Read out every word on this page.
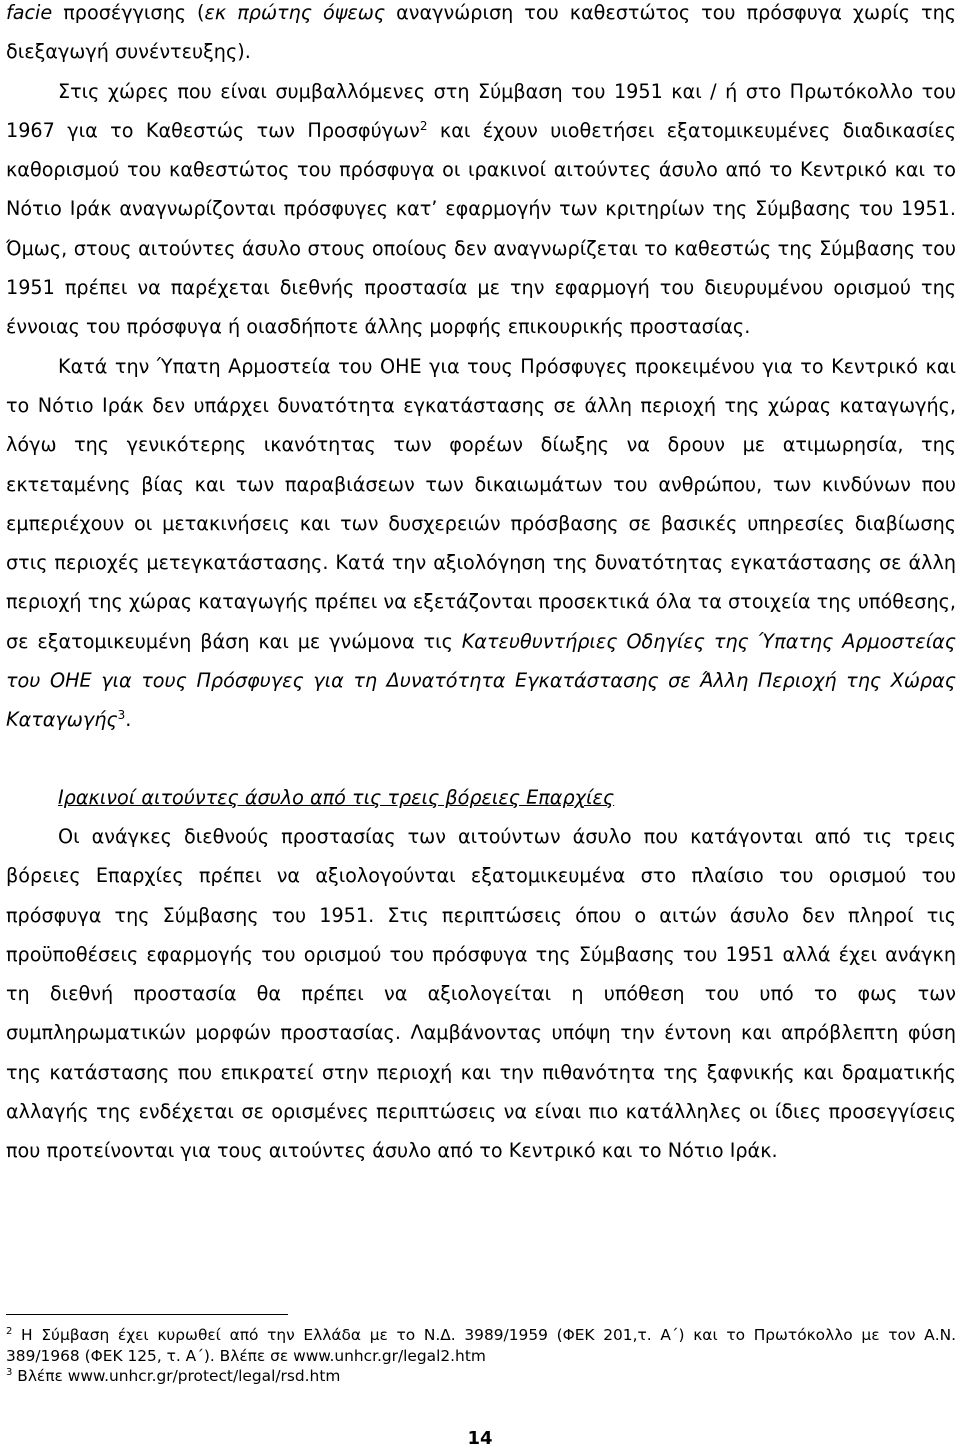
facie προσέγγισης (εκ πρώτης όψεως αναγνώριση του καθεστώτος του πρόσφυγα χωρίς της διεξαγωγή συνέντευξης).

Στις χώρες που είναι συμβαλλόμενες στη Σύμβαση του 1951 και / ή στο Πρωτόκολλο του 1967 για το Καθεστώς των Προσφύγων$^2$ και έχουν υιοθετήσει εξατομικευμένες διαδικασίες καθορισμού του καθεστώτος του πρόσφυγα οι ιρακινοί αιτούντες άσυλο από το Κεντρικό και το Νότιο Ιράκ αναγνωρίζονται πρόσφυγες κατ’ εφαρμογήν των κριτηρίων της Σύμβασης του 1951. Όμως, στους αιτούντες άσυλο στους οποίους δεν αναγνωρίζεται το καθεστώς της Σύμβασης του 1951 πρέπει να παρέχεται διεθνής προστασία με την εφαρμογή του διευρυμένου ορισμού της έννοιας του πρόσφυγα ή οιασδήποτε άλλης μορφής επικουρικής προστασίας.

Κατά την Ύπατη Αρμοστεία του ΟΗΕ για τους Πρόσφυγες προκειμένου για το Κεντρικό και το Νότιο Ιράκ δεν υπάρχει δυνατότητα εγκατάστασης σε άλλη περιοχή της χώρας καταγωγής, λόγω της γενικότερης ικανότητας των φορέων δίωξης να δρουν με ατιμωρησία, της εκτεταμένης βίας και των παραβιάσεων των δικαιωμάτων του ανθρώπου, των κινδύνων που εμπεριέχουν οι μετακινήσεις και των δυσχερειών πρόσβασης σε βασικές υπηρεσίες διαβίωσης στις περιοχές μετεγκατάστασης. Κατά την αξιολόγηση της δυνατότητας εγκατάστασης σε άλλη περιοχή της χώρας καταγωγής πρέπει να εξετάζονται προσεκτικά όλα τα στοιχεία της υπόθεσης, σε εξατομικευμένη βάση και με γνώμονα τις Κατευθυντήριες Οδηγίες της Ύπατης Αρμοστείας του ΟΗΕ για τους Πρόσφυγες για τη Δυνατότητα Εγκατάστασης σε Άλλη Περιοχή της Χώρας Καταγωγής$^3$.

Ιρακινοί αιτούντες άσυλο από τις τρεις βόρειες Επαρχίες

Οι ανάγκες διεθνούς προστασίας των αιτούντων άσυλο που κατάγονται από τις τρεις βόρειες Επαρχίες πρέπει να αξιολογούνται εξατομικευμένα στο πλαίσιο του ορισμού του πρόσφυγα της Σύμβασης του 1951. Στις περιπτώσεις όπου ο αιτών άσυλο δεν πληροί τις προϋποθέσεις εφαρμογής του ορισμού του πρόσφυγα της Σύμβασης του 1951 αλλά έχει ανάγκη τη διεθνή προστασία θα πρέπει να αξιολογείται η υπόθεση του υπό το φως των συμπληρωματικών μορφών προστασίας. Λαμβάνοντας υπόψη την έντονη και απρόβλεπτη φύση της κατάστασης που επικρατεί στην περιοχή και την πιθανότητα της ξαφνικής και δραματικής αλλαγής της ενδέχεται σε ορισμένες περιπτώσεις να είναι πιο κατάλληλες οι ίδιες προσεγγίσεις που προτείνονται για τους αιτούντες άσυλο από το Κεντρικό και το Νότιο Ιράκ.

$^2$ Η Σύμβαση έχει κυρωθεί από την Ελλάδα με το Ν.Δ. 3989/1959 (ΦΕΚ 201,τ. Α΄) και το Πρωτόκολλο με τον Α.Ν. 389/1968 (ΦΕΚ 125, τ. Α΄). Βλέπε σε www.unhcr.gr/legal2.htm

$^3$ Βλέπε www.unhcr.gr/protect/legal/rsd.htm

14
